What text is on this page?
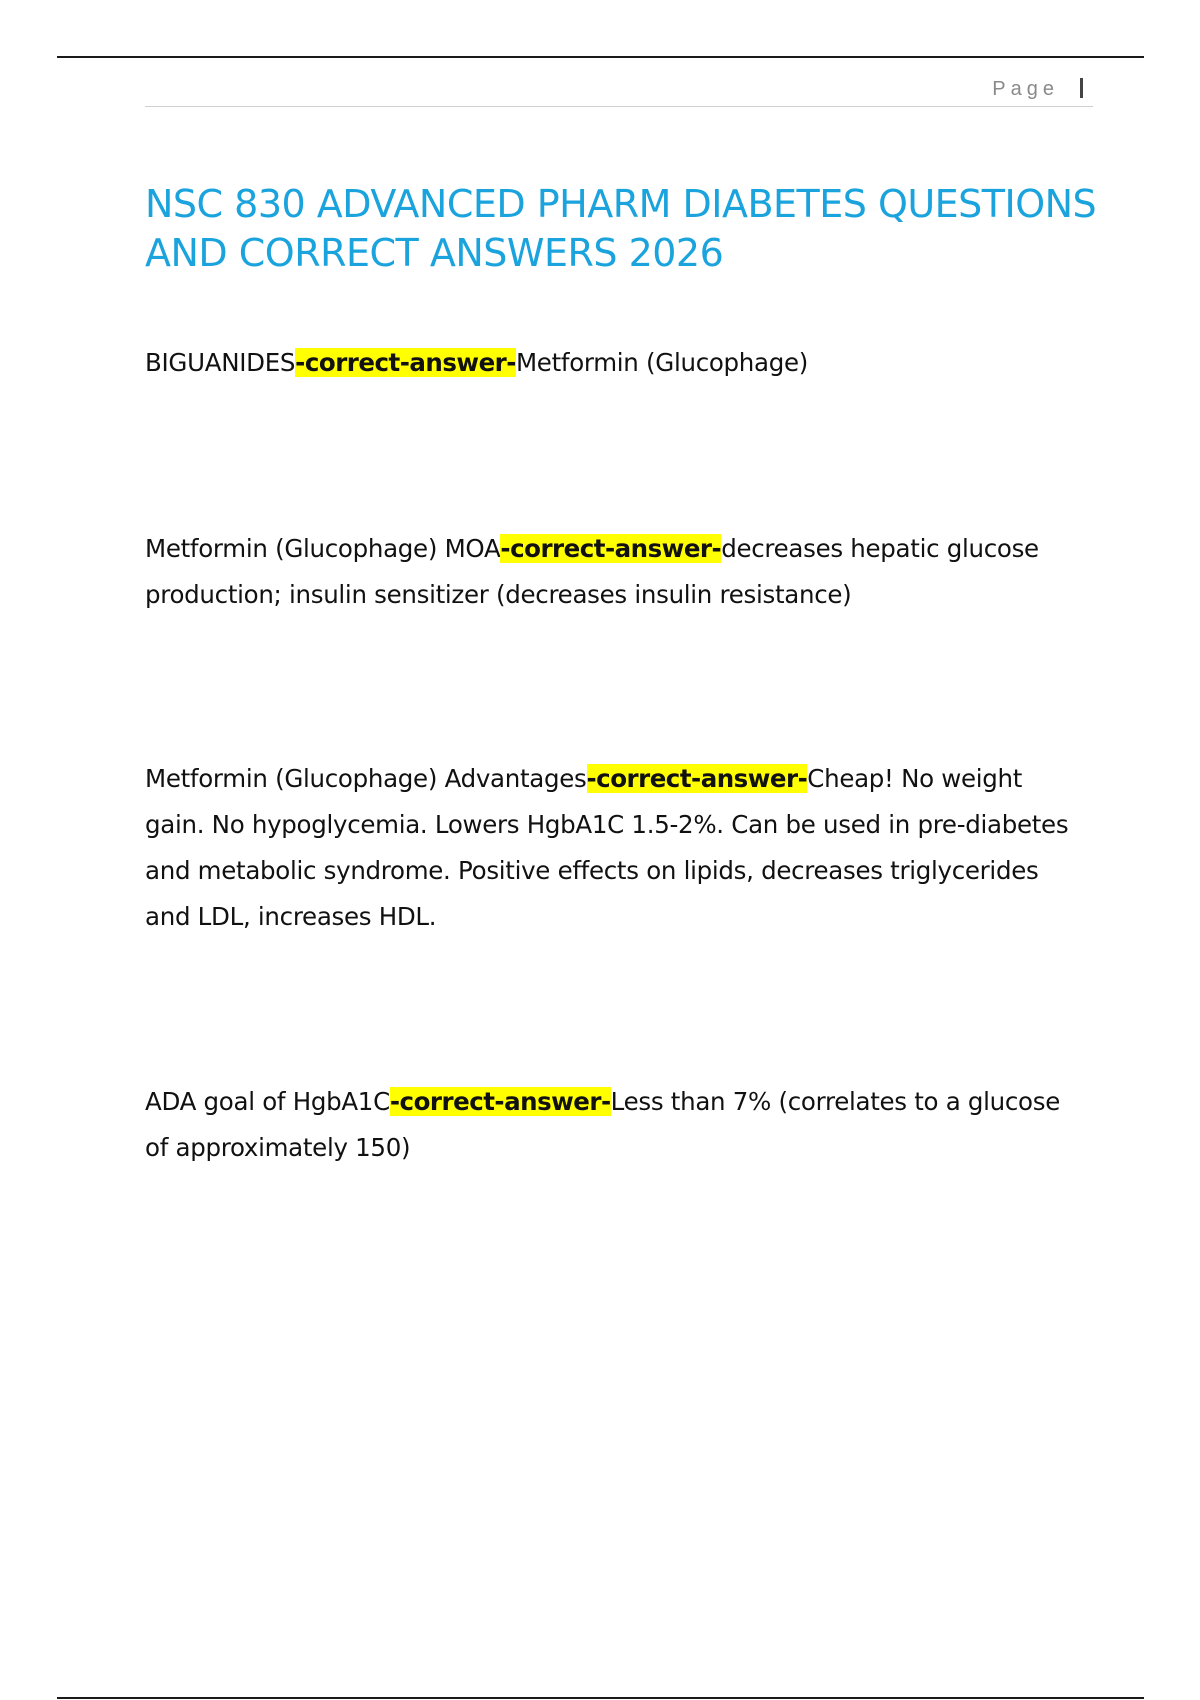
Page
NSC 830 ADVANCED PHARM DIABETES QUESTIONS AND CORRECT ANSWERS 2026

BIGUANIDES-correct-answer-Metformin (Glucophage)

Metformin (Glucophage) MOA-correct-answer-decreases hepatic glucose production; insulin sensitizer (decreases insulin resistance)

Metformin (Glucophage) Advantages-correct-answer-Cheap! No weight gain. No hypoglycemia. Lowers HgbA1C 1.5-2%. Can be used in pre-diabetes and metabolic syndrome. Positive effects on lipids, decreases triglycerides and LDL, increases HDL.

ADA goal of HgbA1C-correct-answer-Less than 7% (correlates to a glucose of approximately 150)
